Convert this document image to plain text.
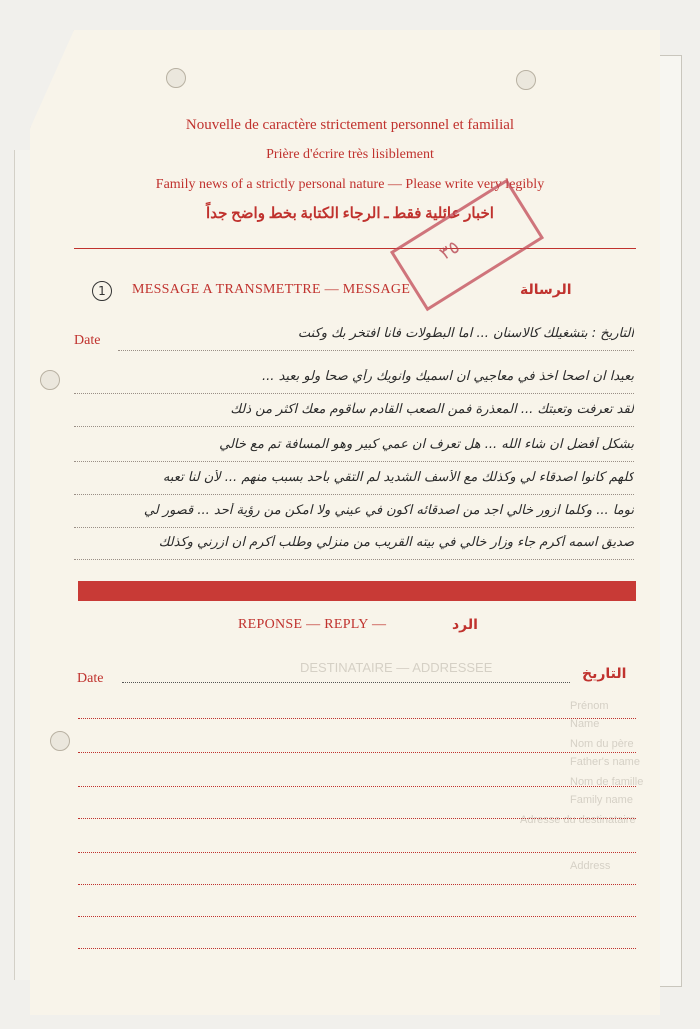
DESTINATAIRE — ADDRESSEE
Prénom
Name
Nom du père
Father's name
Nom de famille
Family name
Adresse du destinataire
Address
Nouvelle de caractère strictement personnel et familial
Prière d'écrire très lisiblement
Family news of a strictly personal nature — Please write very legibly
اخبار عائلية فقط ـ الرجاء الكتابة بخط واضح جداً
٣٥
1	MESSAGE A TRANSMETTRE — MESSAGE	الرسالة
Date	التاريخ : بتشغيلك كالاسنان ... اما البطولات فانا افتخر بك وكنت
بعيدا ان اصحا اخذ في معاجيي ان اسميك وانويك رأي صحا ولو بعيد ...
لقد تعرفت وتعبتك ... المعذرة فمن الصعب القادم سأقوم معك اكثر من ذلك
بشكل أفضل ان شاء الله ... هل تعرف ان عمي كبير وهو المسافة تم مع خالي
كلهم كانوا اصدقاء لي وكذلك مع الأسف الشديد لم التقي بأحد بسبب منهم ... لأن لنا تعبه
نوما ... وكلما ازور خالي اجد من اصدقائه اكون في عيني ولا امكن من رؤية أحد ... قصور لي
صديق اسمه أكرم جاء وزار خالي في بيته القريب من منزلي وطلب أكرم ان ازرني وكذلك
REPONSE — REPLY —	الرد
Date	التاريخ
